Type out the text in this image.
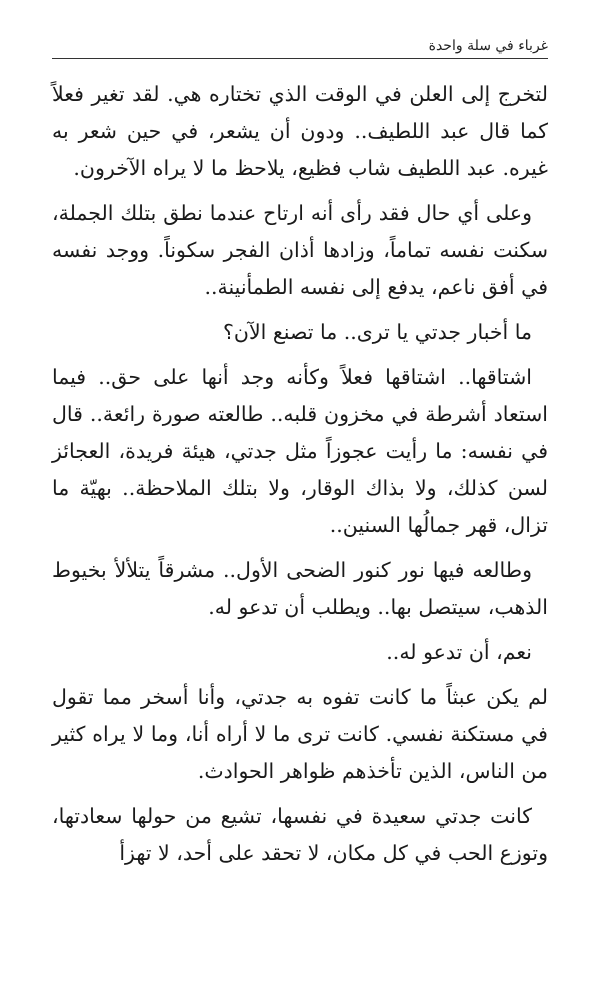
غرباء في سلة واحدة

لتخرج إلى العلن في الوقت الذي تختاره هي. لقد تغير فعلاً كما قال عبد اللطيف.. ودون أن يشعر، في حين شعر به غيره. عبد اللطيف شاب فظيع، يلاحظ ما لا يراه الآخرون.

وعلى أي حال فقد رأى أنه ارتاح عندما نطق بتلك الجملة، سكنت نفسه تماماً، وزادها أذان الفجر سكوناً. ووجد نفسه في أفق ناعم، يدفع إلى نفسه الطمأنينة..

ما أخبار جدتي يا ترى.. ما تصنع الآن؟

اشتاقها.. اشتاقها فعلاً وكأنه وجد أنها على حق.. فيما استعاد أشرطة في مخزون قلبه.. طالعته صورة رائعة.. قال في نفسه: ما رأيت عجوزاً مثل جدتي، هيئة فريدة، العجائز لسن كذلك، ولا بذاك الوقار، ولا بتلك الملاحظة.. بهيّة ما تزال، قهر جمالُها السنين..

وطالعه فيها نور كنور الضحى الأول.. مشرقاً يتلألأ بخيوط الذهب، سيتصل بها.. ويطلب أن تدعو له.

نعم، أن تدعو له..

لم يكن عبثاً ما كانت تفوه به جدتي، وأنا أسخر مما تقول في مستكنة نفسي. كانت ترى ما لا أراه أنا، وما لا يراه كثير من الناس، الذين تأخذهم ظواهر الحوادث.

كانت جدتي سعيدة في نفسها، تشيع من حولها سعادتها، وتوزع الحب في كل مكان، لا تحقد على أحد، لا تهزأ
